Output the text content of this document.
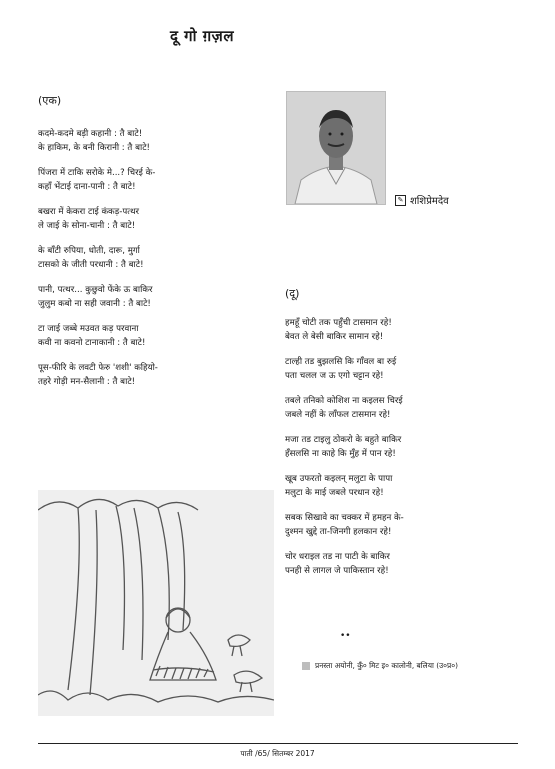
दू गो ग़ज़ल
(एक)
कदमे-कदमे बड़ी कहानी : तै बाटे!
के हाकिम, के बनी किरानी : तै बाटे!
पिंजरा में टाकि सरोके मे...? चिरई के-
कहाँ भेंटाई दाना-पानी : तै बाटे!
बखरा में केकरा टाई कंकड़-पत्थर
ले जाई के सोना-चानी : तै बाटे!
के बाँटी रुपिया, धोती, दारू, मुर्गा
टासको के जीती परधानी : तै बाटे!
पानी, पत्थर... कुछुवो फेंके ऊ बाकिर
जुलुम कबो ना सही जवानी : तै बाटे!
टा जाई जब्बे मउवत कड़ परवाना
कवी ना कवनो टानाकानी : तै बाटे!
पूस-फीरि के लवटी फेरु 'शशी' कहियो-
तहरे गोड़ी मन-सैलानी : तै बाटे!
✎ शशिप्रेमदेव
(दू)
हमहूँ चोटी तक पहुँची टासमान रहे!
बेवत ले बेसी बाकिर सामान रहे!
टाल्ही तड बुझलसि कि गाँवल बा रुई
पता चलल ज ऊ एगो चट्टान रहे!
तबले तनिको कोशिश ना कइलस चिरई
जबले नहीं के लाँफल टासमान रहे!
मजा तड टाइलु ठोकरो के बहुते बाकिर
हँसलसि ना काहे कि मुँह में पान रहे!
खूब उफरतो कइलन् मलुटा के पापा
मलुटा के माई जबले परधान रहे!
सबक सिखावे का चक्कर में हमहन के-
दुश्मन खुद्दे ता-जिनगी हलकान रहे!
चोर धराइल तड ना पाटी के बाकिर
पनही से लागल जे पाकिस्तान रहे!
••
प्रनस्ता अयोनी, कुँ० मिट इ० कालोनी, बलिया (उ०प्र०)
पाती /65/ सितम्बर 2017
